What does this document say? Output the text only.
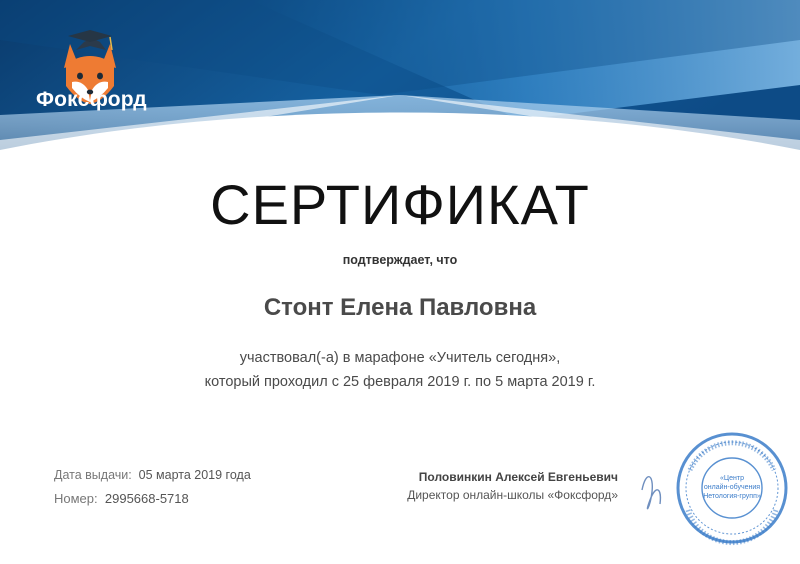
Фоксфорд
СЕРТИФИКАТ
подтверждает, что
Стонт Елена Павловна
участвовал(-а) в марафоне «Учитель сегодня»,
который проходил с 25 февраля 2019 г. по 5 марта 2019 г.
Дата выдачи: 05 марта 2019 года
Номер: 2995668-5718
Половинкин Алексей Евгеньевич
Директор онлайн-школы «Фоксфорд»
«Центр
онлайн-обучения
Нетология-групп»
